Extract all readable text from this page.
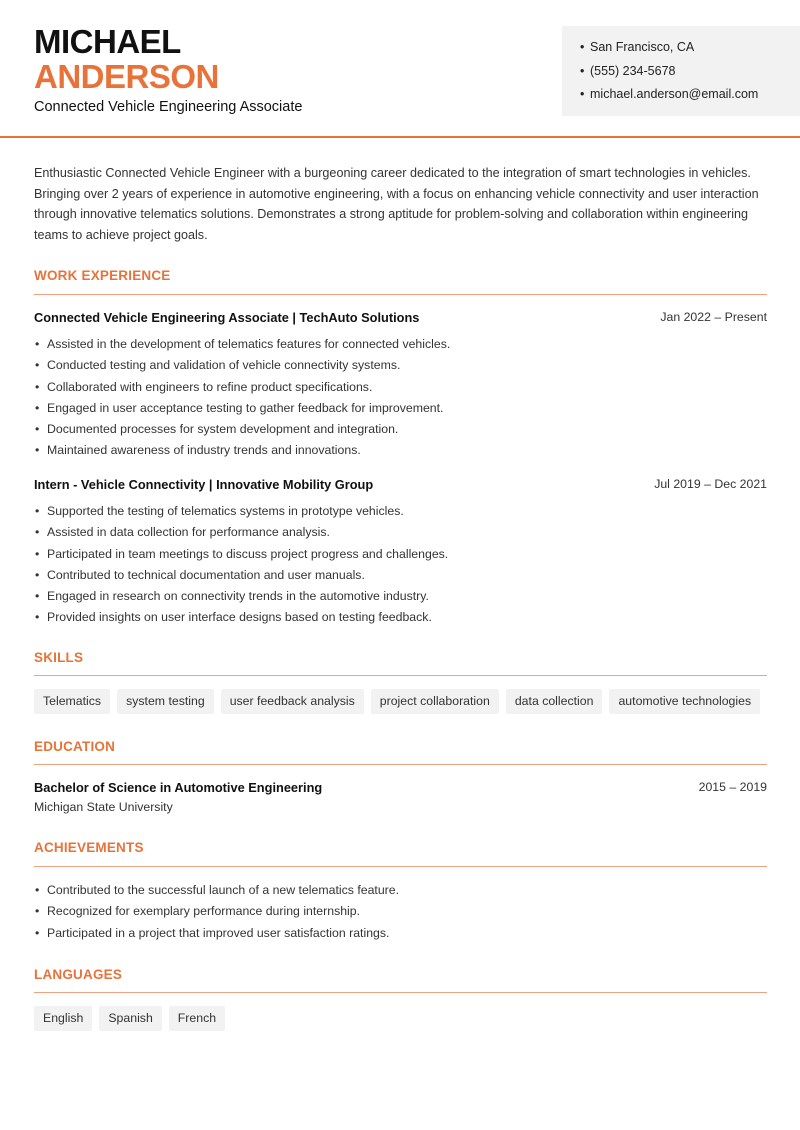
MICHAEL
ANDERSON
Connected Vehicle Engineering Associate
• San Francisco, CA
• (555) 234-5678
• michael.anderson@email.com
Enthusiastic Connected Vehicle Engineer with a burgeoning career dedicated to the integration of smart technologies in vehicles. Bringing over 2 years of experience in automotive engineering, with a focus on enhancing vehicle connectivity and user interaction through innovative telematics solutions. Demonstrates a strong aptitude for problem-solving and collaboration within engineering teams to achieve project goals.
WORK EXPERIENCE
Connected Vehicle Engineering Associate | TechAuto Solutions	Jan 2022 – Present
• Assisted in the development of telematics features for connected vehicles.
• Conducted testing and validation of vehicle connectivity systems.
• Collaborated with engineers to refine product specifications.
• Engaged in user acceptance testing to gather feedback for improvement.
• Documented processes for system development and integration.
• Maintained awareness of industry trends and innovations.
Intern - Vehicle Connectivity | Innovative Mobility Group	Jul 2019 – Dec 2021
• Supported the testing of telematics systems in prototype vehicles.
• Assisted in data collection for performance analysis.
• Participated in team meetings to discuss project progress and challenges.
• Contributed to technical documentation and user manuals.
• Engaged in research on connectivity trends in the automotive industry.
• Provided insights on user interface designs based on testing feedback.
SKILLS
Telematics	system testing	user feedback analysis	project collaboration	data collection	automotive technologies
EDUCATION
Bachelor of Science in Automotive Engineering	2015 – 2019
Michigan State University
ACHIEVEMENTS
• Contributed to the successful launch of a new telematics feature.
• Recognized for exemplary performance during internship.
• Participated in a project that improved user satisfaction ratings.
LANGUAGES
English	Spanish	French
